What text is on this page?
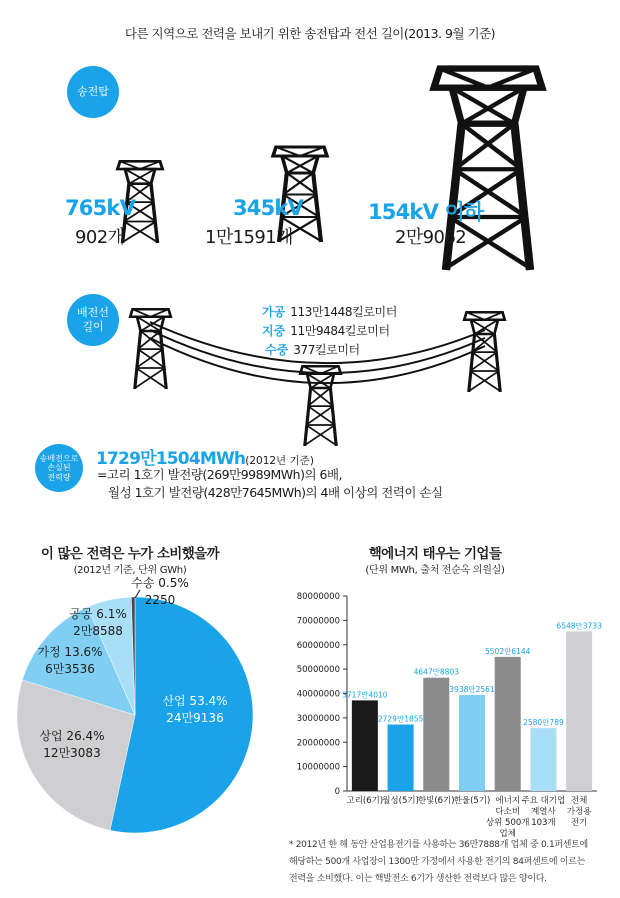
다른 지역으로 전력을 보내기 위한 송전탑과 전선 길이(2013. 9월 기준)
송전탑
765kV
902개
345kV
1만1591개
154kV 이하
2만9062
배전선
길이
가공 113만1448킬로미터
지중 11만9484킬로미터
수중 377킬로미터
송배전으로
손실된
전력량
1729만1504MWh(2012년 기준)
=고리 1호기 발전량(269만9989MWh)의 6배,
월성 1호기 발전량(428만7645MWh)의 4배 이상의 전력이 손실
이 많은 전력은 누가 소비했을까
(2012년 기준, 단위 GWh)
산업 53.4%
24만9136
상업 26.4%
12만3083
가정 13.6%
6만3536
공공 6.1%
2만8588
수송 0.5%
2250
핵에너지 태우는 기업들
(단위 MWh, 출처 전순옥 의원실)
0
10000000
20000000
30000000
40000000
50000000
60000000
70000000
80000000
3717만4010
고리(6기)
2729만1855
월성(5기)
4647만8803
한빛(6기)
3938만2561
한울(5기)
5502만6144
에너지
다소비
상위 500개
업체
2580만789
주요 대기업
계열사
103개
6548만3733
전체
가정용
전기
* 2012년 한 해 동안 산업용전기를 사용하는 36만7888개 업체 중 0.1퍼센트에
해당하는 500개 사업장이 1300만 가정에서 사용한 전기의 84퍼센트에 이르는
전력을 소비했다. 이는 핵발전소 6기가 생산한 전력보다 많은 양이다.
